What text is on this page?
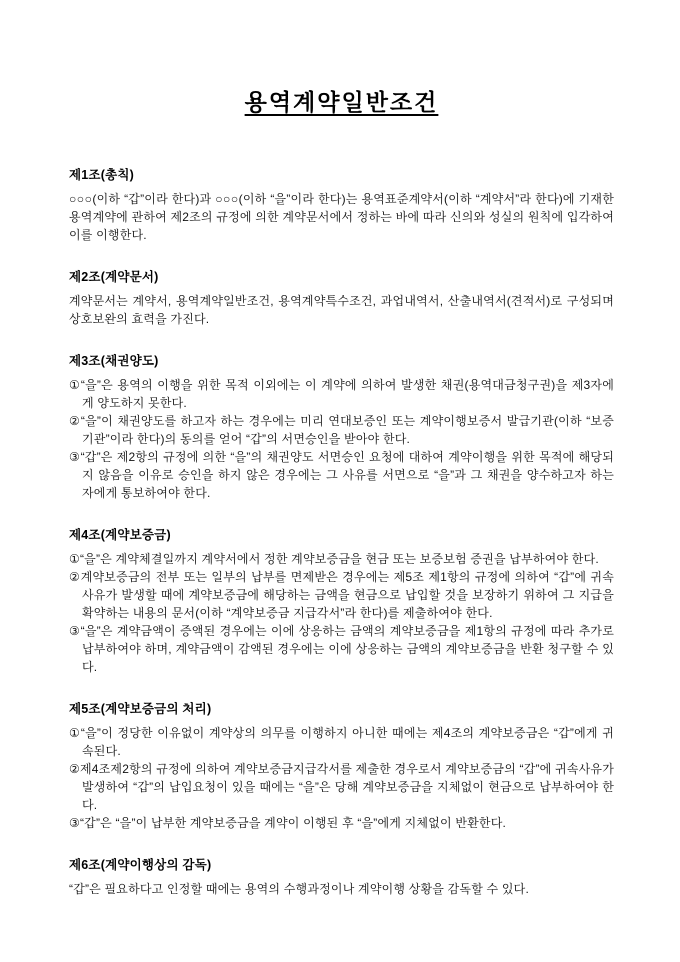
용역계약일반조건
제1조(총칙)

○○○(이하 “갑”이라 한다)과 ○○○(이하 “을”이라 한다)는 용역표준계약서(이하 “계약서”라 한다)에 기재한 용역계약에 관하여 제2조의 규정에 의한 계약문서에서 정하는 바에 따라 신의와 성실의 원칙에 입각하여 이를 이행한다.

제2조(계약문서)

계약문서는 계약서, 용역계약일반조건, 용역계약특수조건, 과업내역서, 산출내역서(견적서)로 구성되며 상호보완의 효력을 가진다.

제3조(채권양도)

①“을”은 용역의 이행을 위한 목적 이외에는 이 계약에 의하여 발생한 채권(용역대금청구권)을 제3자에게 양도하지 못한다.

②“을”이 채권양도를 하고자 하는 경우에는 미리 연대보증인 또는 계약이행보증서 발급기관(이하 “보증기관”이라 한다)의 동의를 얻어 “갑”의 서면승인을 받아야 한다.

③“갑”은 제2항의 규정에 의한 “을”의 채권양도 서면승인 요청에 대하여 계약이행을 위한 목적에 해당되지 않음을 이유로 승인을 하지 않은 경우에는 그 사유를 서면으로 “을”과 그 채권을 양수하고자 하는 자에게 통보하여야 한다.

제4조(계약보증금)

①“을”은 계약체결일까지 계약서에서 정한 계약보증금을 현금 또는 보증보험 증권을 납부하여야 한다.

②계약보증금의 전부 또는 일부의 납부를 면제받은 경우에는 제5조 제1항의 규정에 의하여 “갑”에 귀속사유가 발생할 때에 계약보증금에 해당하는 금액을 현금으로 납입할 것을 보장하기 위하여 그 지급을 확약하는 내용의 문서(이하 “계약보증금 지급각서”라 한다)를 제출하여야 한다.

③“을”은 계약금액이 증액된 경우에는 이에 상응하는 금액의 계약보증금을 제1항의 규정에 따라 추가로 납부하여야 하며, 계약금액이 감액된 경우에는 이에 상응하는 금액의 계약보증금을 반환 청구할 수 있다.

제5조(계약보증금의 처리)

①“을”이 정당한 이유없이 계약상의 의무를 이행하지 아니한 때에는 제4조의 계약보증금은 “갑”에게 귀속된다.

②제4조제2항의 규정에 의하여 계약보증금지급각서를 제출한 경우로서 계약보증금의 “갑”에 귀속사유가 발생하여 “갑”의 납입요청이 있을 때에는 “을”은 당해 계약보증금을 지체없이 현금으로 납부하여야 한다.

③“갑”은 “을”이 납부한 계약보증금을 계약이 이행된 후 “을”에게 지체없이 반환한다.

제6조(계약이행상의 감독)

“갑”은 필요하다고 인정할 때에는 용역의 수행과정이나 계약이행 상황을 감독할 수 있다.
